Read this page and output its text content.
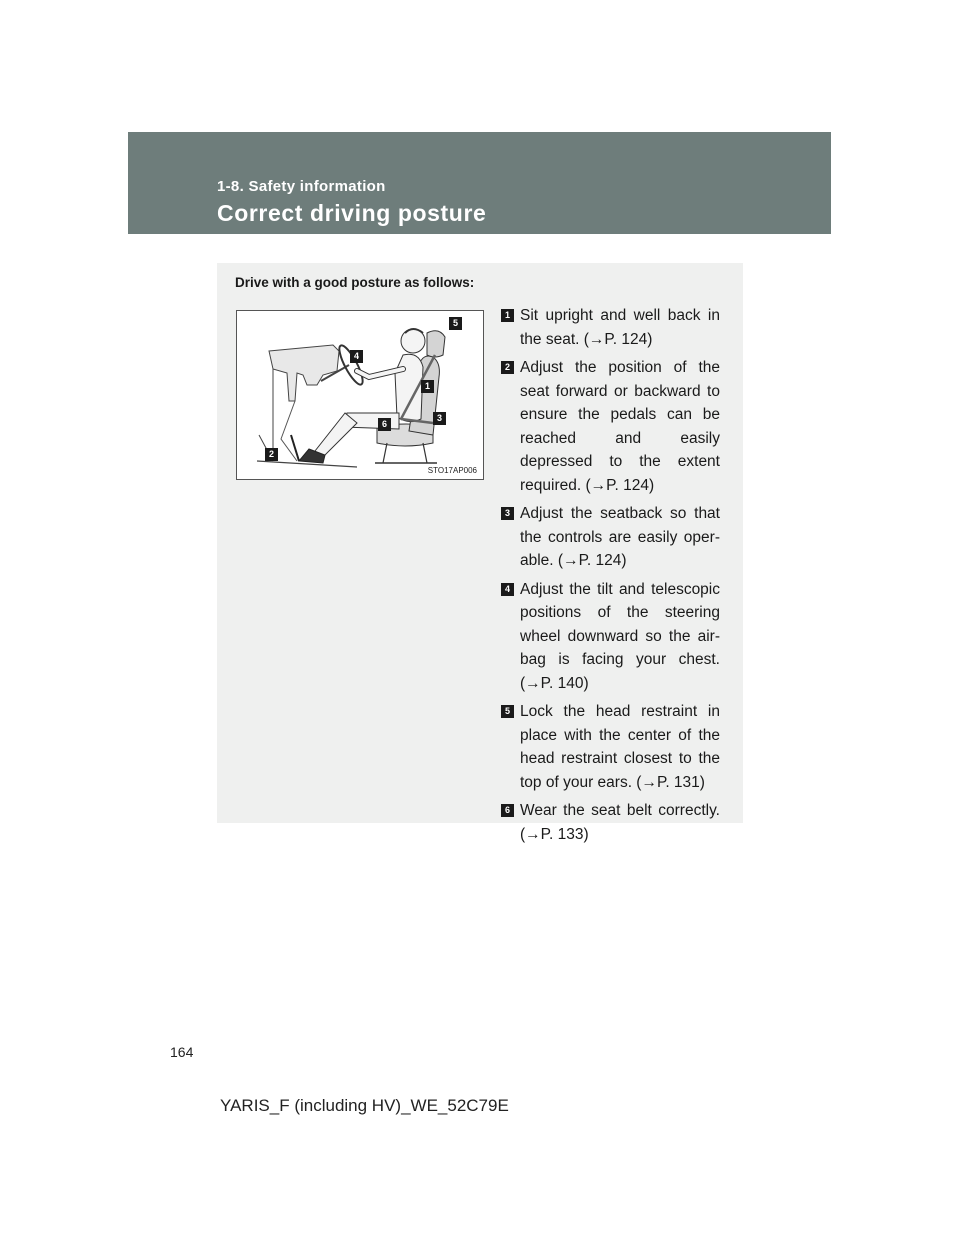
1-8. Safety information
Correct driving posture
Drive with a good posture as follows:
5
4
1
3
6
2
STO17AP006
1 Sit upright and well back in the seat. (→P. 124)
2 Adjust the position of the seat forward or backward to ensure the pedals can be reached and easily depressed to the extent required. (→P. 124)
3 Adjust the seatback so that the controls are easily oper-able. (→P. 124)
4 Adjust the tilt and telescopic positions of the steering wheel downward so the air-bag is facing your chest. (→P. 140)
5 Lock the head restraint in place with the center of the head restraint closest to the top of your ears. (→P. 131)
6 Wear the seat belt correctly. (→P. 133)
164
YARIS_F (including HV)_WE_52C79E
